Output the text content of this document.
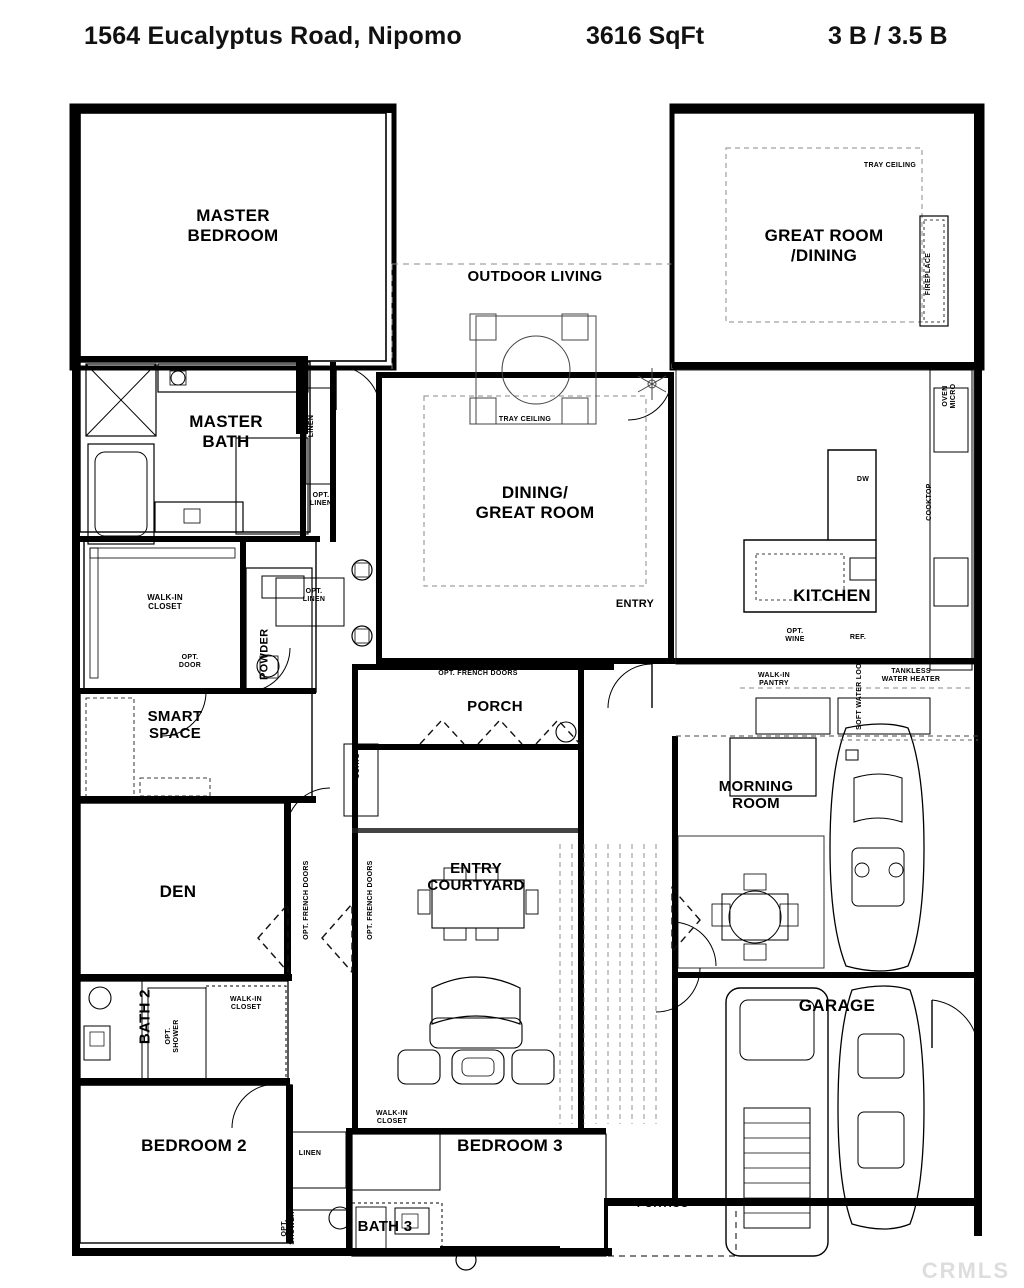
1564 Eucalyptus Road, Nipomo	3616 SqFt	3 B / 3.5 B
MASTER
BEDROOM
MASTER
BATH
WALK-IN
CLOSET
SMART
SPACE
DEN
BEDROOM 2
BATH 2
BEDROOM 3
BATH 3
ENTRY
COURTYARD
PORCH
PORTICO
DINING/
GREAT ROOM
OUTDOOR LIVING
GREAT ROOM
/DINING
KITCHEN
MORNING
ROOM
GARAGE
POWDER
TRAY CEILING
TRAY CEILING
FIREPLACE
ENTRY
OPT. FRENCH DOORS
OPT. FRENCH DOORS	OPT. FRENCH DOORS	OPT. FRENCH DOORS
OPT.
LINEN
OPT.
LINEN
LINEN
LINEN
OPT.
DOOR
COATS
WALK-IN
PANTRY
WALK-IN
CLOSET
WALK-IN
CLOSET
OPT.
SHOWER
OPT.
SHOWER
OPT.
WINE	REF.
DW
OVEN
MICRO
COOKTOP
TANKLESS
WATER HEATER
SOFT WATER LOOP
CRMLS
